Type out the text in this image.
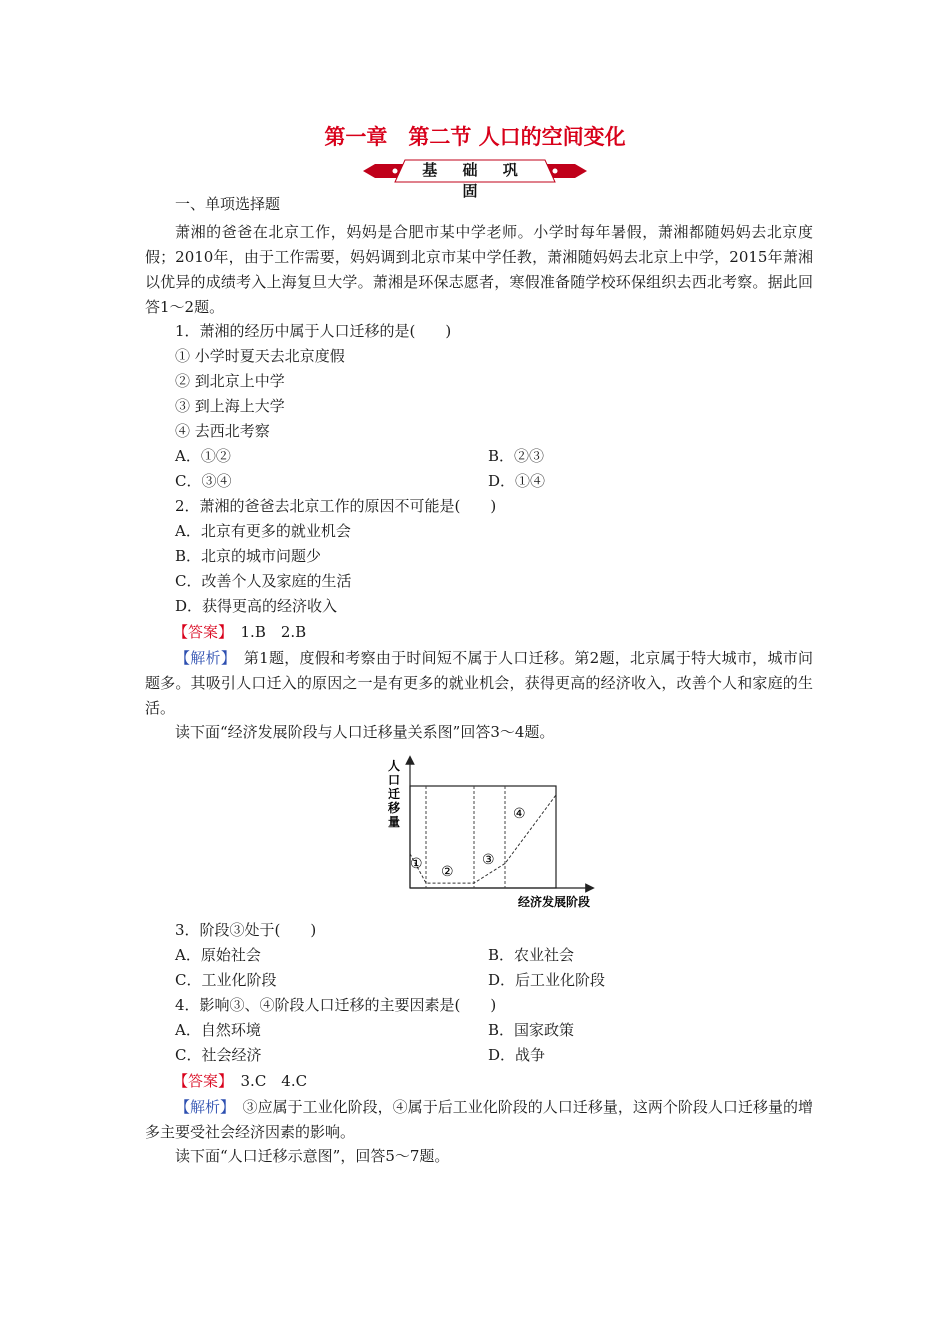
第一章　第二节 人口的空间变化
基 础 巩 固
一、单项选择题
萧湘的爸爸在北京工作，妈妈是合肥市某中学老师。小学时每年暑假，萧湘都随妈妈去北京度假；2010年，由于工作需要，妈妈调到北京市某中学任教，萧湘随妈妈去北京上中学，2015年萧湘以优异的成绩考入上海复旦大学。萧湘是环保志愿者，寒假准备随学校环保组织去西北考察。据此回答1～2题。
1．萧湘的经历中属于人口迁移的是(　　)
① 小学时夏天去北京度假
② 到北京上中学
③ 到上海上大学
④ 去西北考察
A．①②	B．②③
C．③④	D．①④
2．萧湘的爸爸去北京工作的原因不可能是(　　)
A．北京有更多的就业机会
B．北京的城市问题少
C．改善个人及家庭的生活
D．获得更高的经济收入
【答案】　1.B　2.B
【解析】　第1题，度假和考察由于时间短不属于人口迁移。第2题，北京属于特大城市，城市问题多。其吸引人口迁入的原因之一是有更多的就业机会，获得更高的经济收入，改善个人和家庭的生活。
读下面“经济发展阶段与人口迁移量关系图”回答3～4题。
人口迁移量
经济发展阶段
① ②
③
④
3．阶段③处于(　　)
A．原始社会	B．农业社会
C．工业化阶段	D．后工业化阶段
4．影响③、④阶段人口迁移的主要因素是(　　)
A．自然环境	B．国家政策
C．社会经济	D．战争
【答案】　3.C　4.C
【解析】　③应属于工业化阶段，④属于后工业化阶段的人口迁移量，这两个阶段人口迁移量的增多主要受社会经济因素的影响。
读下面“人口迁移示意图”，回答5～7题。
